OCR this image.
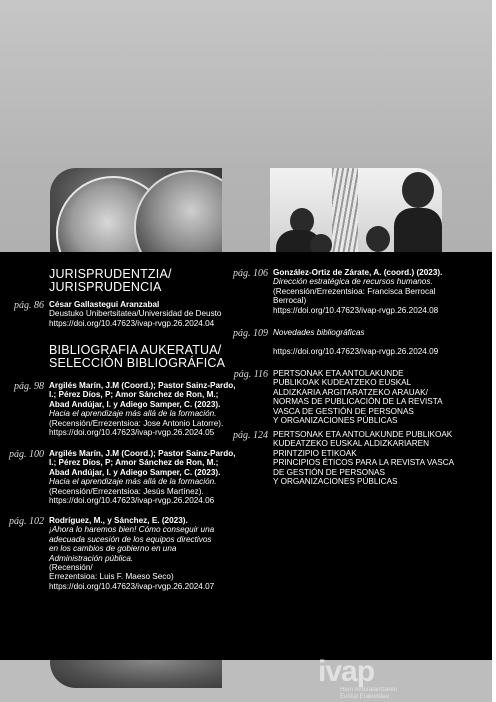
JURISPRUDENTZIA/
JURISPRUDENCIA
pág. 86 César Gallastegui Aranzabal
Deustuko Unibertsitatea/Universidad de Deusto
https://doi.org/10.47623/ivap-rvgp.26.2024.04
BIBLIOGRAFIA AUKERATUA/
SELECCIÓN BIBLIOGRÁFICA
pág. 98 Argilés Marín, J.M (Coord.); Pastor Sainz-Pardo,
I.; Pérez Díos, P; Amor Sánchez de Ron, M.;
Abad Andújar, I. y Adiego Samper, C. (2023).
Hacia el aprendizaje más allá de la formación.
(Recensión/Errezentsioa: Jose Antonio Latorre).
https://doi.org/10.47623/ivap-rvgp.26.2024.05
pág. 100 Argilés Marín, J.M (Coord.); Pastor Sainz-Pardo,
I.; Pérez Díos, P; Amor Sánchez de Ron, M.;
Abad Andújar, I. y Adiego Samper, C. (2023).
Hacia el aprendizaje más allá de la formación.
(Recensión/Errezentsioa: Jesús Martínez).
https://doi.org/10.47623/ivap-rvgp.26.2024.06
pág. 102 Rodríguez, M., y Sánchez, E. (2023).
¡Ahora lo haremos bien! Cómo conseguir una
adecuada sucesión de los equipos directivos
en los cambios de gobierno en una
Administración pública.
(Recensión/
Errezentsioa: Luis F. Maeso Seco)
https://doi.org/10.47623/ivap-rvgp.26.2024.07
pág. 106 González-Ortiz de Zárate, A. (coord.) (2023).
Dirección estratégica de recursos humanos.
(Recensión/Errezentsioa: Francisca Berrocal
Berrocal)
https://doi.org/10.47623/ivap-rvgp.26.2024.08
pág. 109 Novedades bibliográficas
https://doi.org/10.47623/ivap-rvgp.26.2024.09
pág. 116 PERTSONAK ETA ANTOLAKUNDE
PUBLIKOAK KUDEATZEKO EUSKAL
ALDIZKARIA ARGITARATZEKO ARAUAK/
NORMAS DE PUBLICACIÓN DE LA REVISTA
VASCA DE GESTIÓN DE PERSONAS
Y ORGANIZACIONES PÚBLICAS
pág. 124 PERTSONAK ETA ANTOLAKUNDE PUBLIKOAK
KUDEATZEKO EUSKAL ALDIZKARIAREN
PRINTZIPIO ETIKOAK
PRINCIPIOS ÉTICOS PARA LA REVISTA VASCA
DE GESTIÓN DE PERSONAS
Y ORGANIZACIONES PÚBLICAS
ivap
Herri Arduralaritzaren
Euskal Erakundea
